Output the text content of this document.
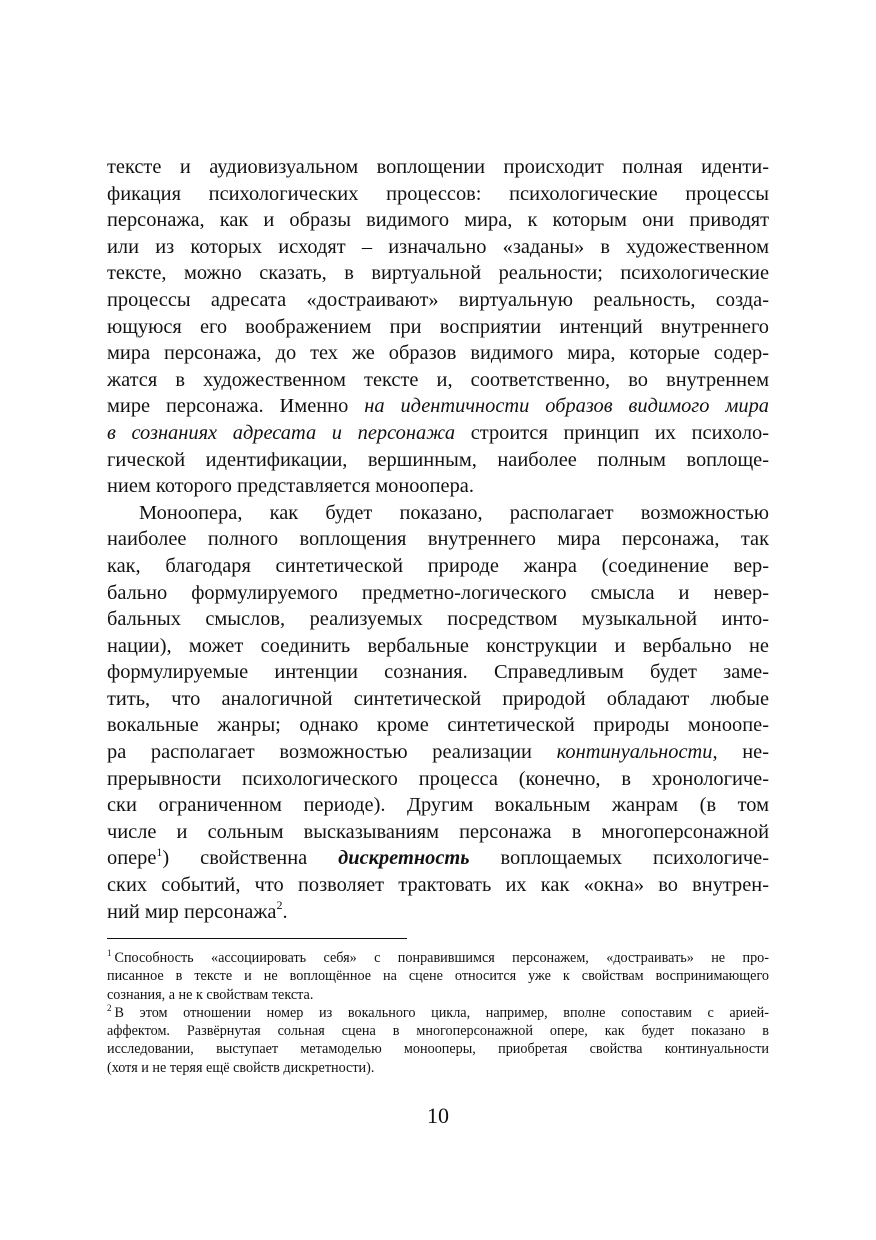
тексте и аудиовизуальном воплощении происходит полная иденти-
фикация психологических процессов: психологические процессы
персонажа, как и образы видимого мира, к которым они приводят
или из которых исходят – изначально «заданы» в художественном
тексте, можно сказать, в виртуальной реальности; психологические
процессы адресата «достраивают» виртуальную реальность, созда-
ющуюся его воображением при восприятии интенций внутреннего
мира персонажа, до тех же образов видимого мира, которые содер-
жатся в художественном тексте и, соответственно, во внутреннем
мире персонажа. Именно на идентичности образов видимого мира
в сознаниях адресата и персонажа строится принцип их психоло-
гической идентификации, вершинным, наиболее полным воплоще-
нием которого представляется моноопера.
Моноопера, как будет показано, располагает возможностью
наиболее полного воплощения внутреннего мира персонажа, так
как, благодаря синтетической природе жанра (соединение вер-
бально формулируемого предметно-логического смысла и невер-
бальных смыслов, реализуемых посредством музыкальной инто-
нации), может соединить вербальные конструкции и вербально не
формулируемые интенции сознания. Справедливым будет заме-
тить, что аналогичной синтетической природой обладают любые
вокальные жанры; однако кроме синтетической природы моноопе-
ра располагает возможностью реализации континуальности, не-
прерывности психологического процесса (конечно, в хронологиче-
ски ограниченном периоде). Другим вокальным жанрам (в том
числе и сольным высказываниям персонажа в многоперсонажной
опере$^1$) свойственна дискретность воплощаемых психологиче-
ских событий, что позволяет трактовать их как «окна» во внутрен-
ний мир персонажа$^2$.
$^1$ Способность «ассоциировать себя» с понравившимся персонажем, «достраивать» не про-
писанное в тексте и не воплощённое на сцене относится уже к свойствам воспринимающего
сознания, а не к свойствам текста.
$^2$ В этом отношении номер из вокального цикла, например, вполне сопоставим с арией-
аффектом. Развёрнутая сольная сцена в многоперсонажной опере, как будет показано в
исследовании, выступает метамоделью монооперы, приобретая свойства континуальности
(хотя и не теряя ещё свойств дискретности).
10
